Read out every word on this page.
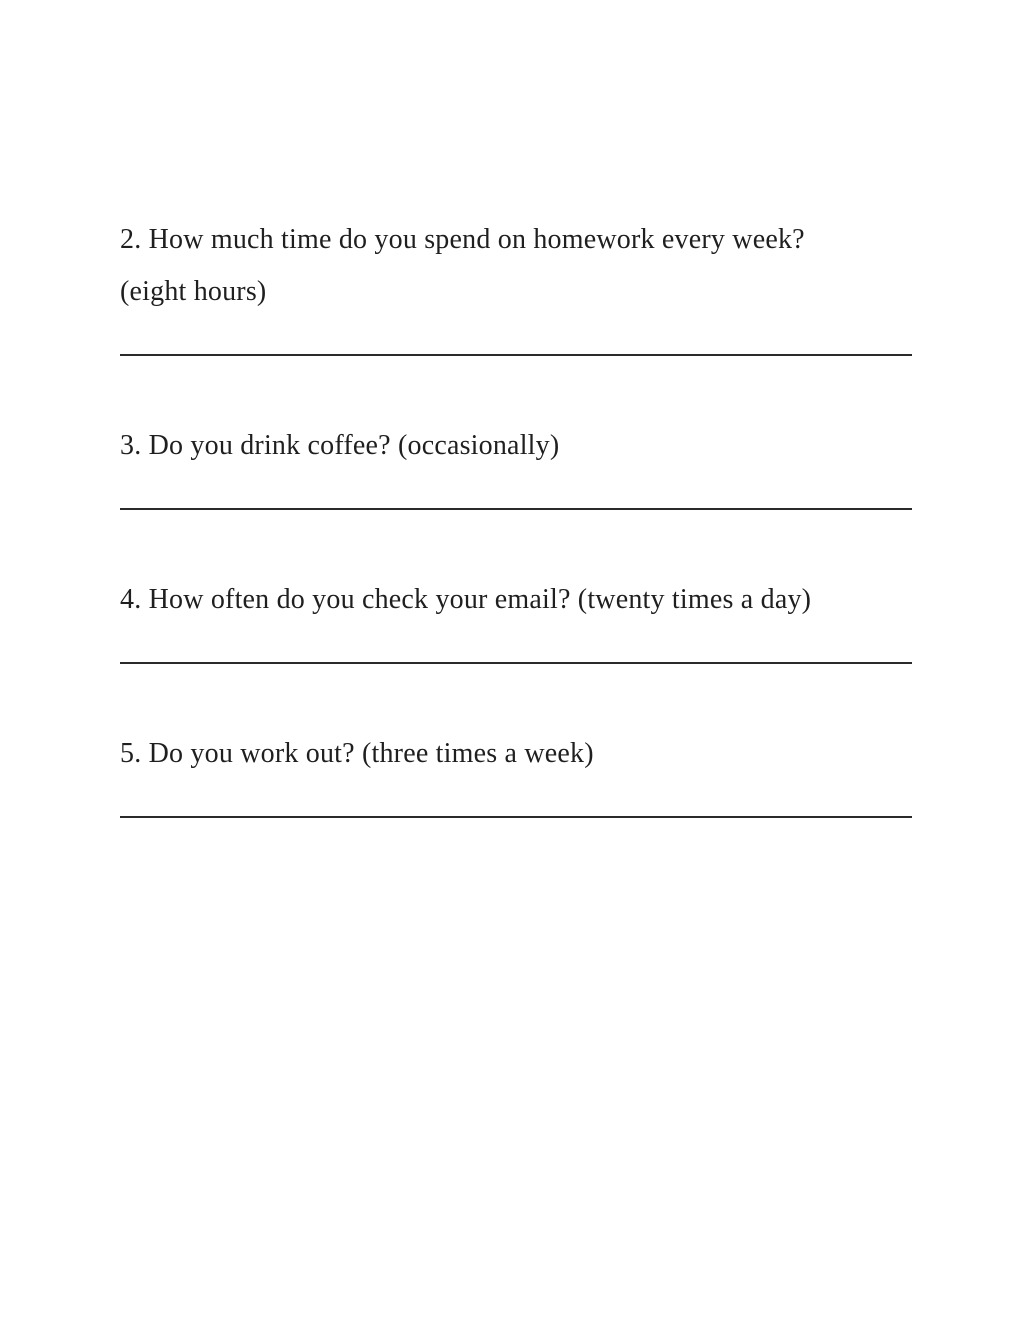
2. How much time do you spend on homework every week?

(eight hours)

3. Do you drink coffee? (occasionally)

4. How often do you check your email? (twenty times a day)

5. Do you work out? (three times a week)
